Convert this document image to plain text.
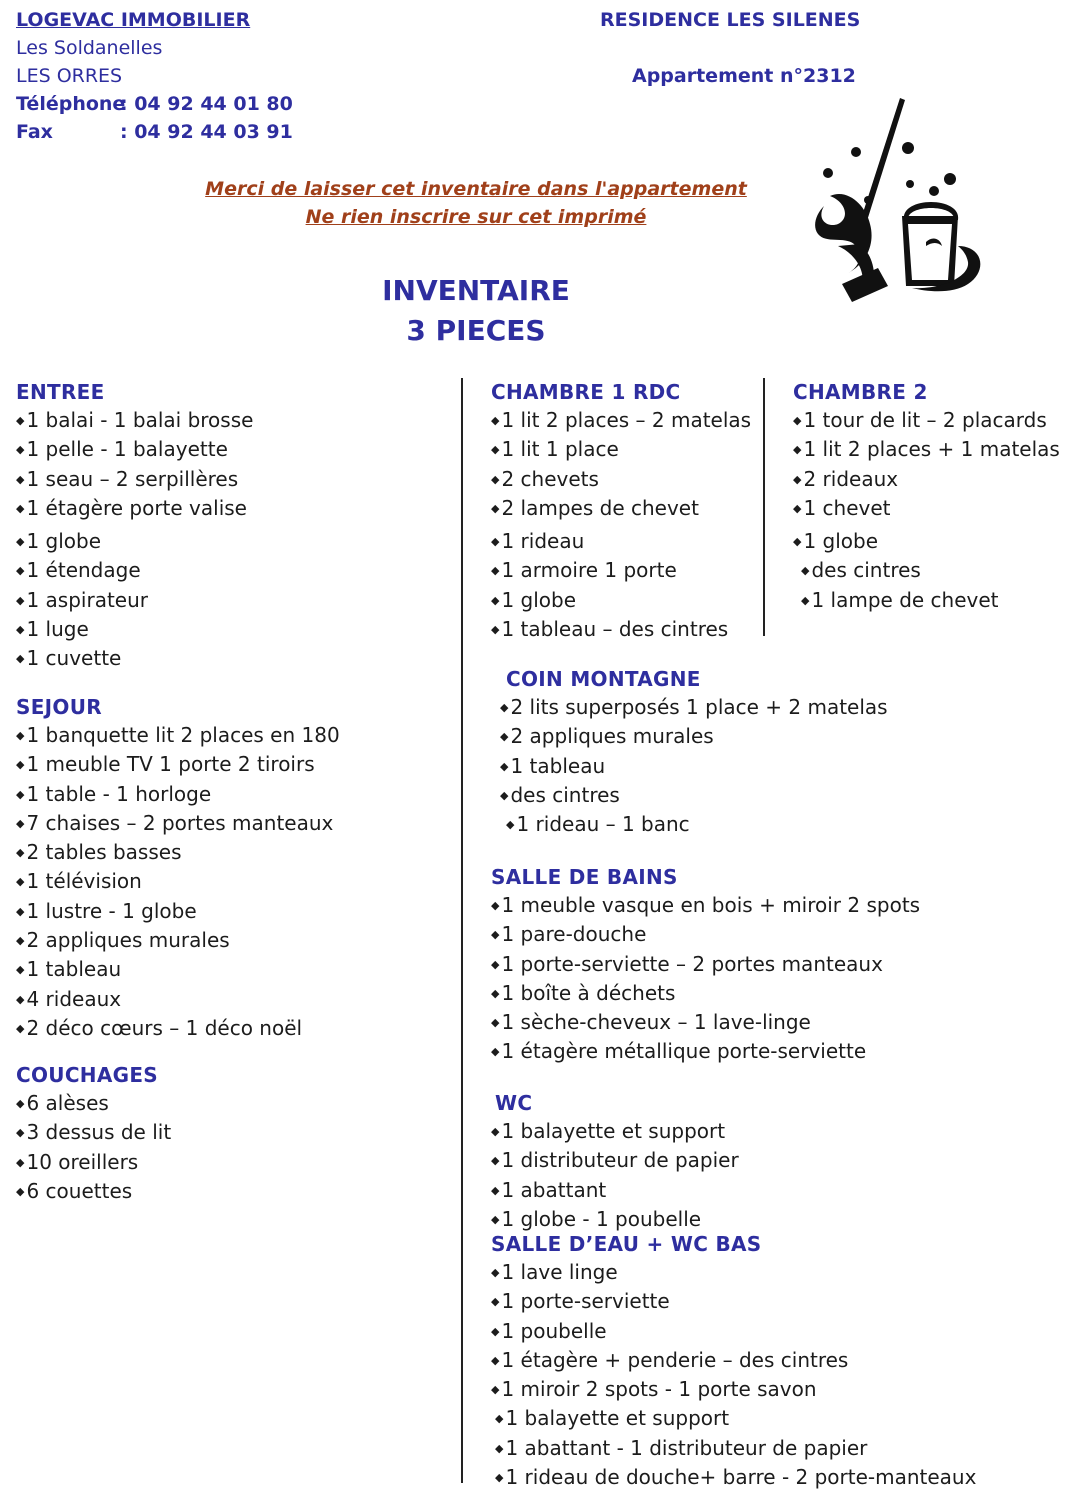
LOGEVAC IMMOBILIER
Les Soldanelles
LES ORRES
Téléphone
: 04 92 44 01 80
Fax	: 04 92 44 03 91
RESIDENCE LES SILENES
Appartement n°2312
Merci de laisser cet inventaire dans l'appartement
Ne rien inscrire sur cet imprimé
INVENTAIRE
3 PIECES
ENTREE
◆ 1 balai - 1 balai brosse
◆ 1 pelle - 1 balayette
◆ 1 seau – 2 serpillères
◆ 1 étagère porte valise
◆ 1 globe
◆ 1 étendage
◆ 1 aspirateur
◆ 1 luge
◆ 1 cuvette
SEJOUR
◆ 1 banquette lit 2 places en 180
◆ 1 meuble TV 1 porte 2 tiroirs
◆ 1 table - 1 horloge
◆ 7 chaises – 2 portes manteaux
◆ 2 tables basses
◆ 1 télévision
◆ 1 lustre - 1 globe
◆ 2 appliques murales
◆ 1 tableau
◆ 4 rideaux
◆ 2 déco cœurs – 1 déco noël
COUCHAGES
◆ 6 alèses
◆ 3 dessus de lit
◆ 10 oreillers
◆ 6 couettes
CHAMBRE 1 RDC
◆ 1 lit 2 places – 2 matelas
◆ 1 lit 1 place
◆ 2 chevets
◆ 2 lampes de chevet
◆ 1 rideau
◆ 1 armoire 1 porte
◆ 1 globe
◆ 1 tableau – des cintres
CHAMBRE 2
◆ 1 tour de lit – 2 placards
◆ 1 lit 2 places + 1 matelas
◆ 2 rideaux
◆ 1 chevet
◆ 1 globe
◆ des cintres
◆ 1 lampe de chevet
COIN MONTAGNE
◆ 2 lits superposés 1 place + 2 matelas
◆ 2 appliques murales
◆ 1 tableau
◆ des cintres
◆ 1 rideau – 1 banc
SALLE DE BAINS
◆ 1 meuble vasque en bois + miroir 2 spots
◆ 1 pare-douche
◆ 1 porte-serviette – 2 portes manteaux
◆ 1 boîte à déchets
◆ 1 sèche-cheveux – 1 lave-linge
◆ 1 étagère métallique porte-serviette
WC
◆ 1 balayette et support
◆ 1 distributeur de papier
◆ 1 abattant
◆ 1 globe - 1 poubelle
SALLE D’EAU + WC BAS
◆ 1 lave linge
◆ 1 porte-serviette
◆ 1 poubelle
◆ 1 étagère + penderie – des cintres
◆ 1 miroir 2 spots - 1 porte savon
◆ 1 balayette et support
◆ 1 abattant - 1 distributeur de papier
◆ 1 rideau de douche+ barre - 2 porte-manteaux
